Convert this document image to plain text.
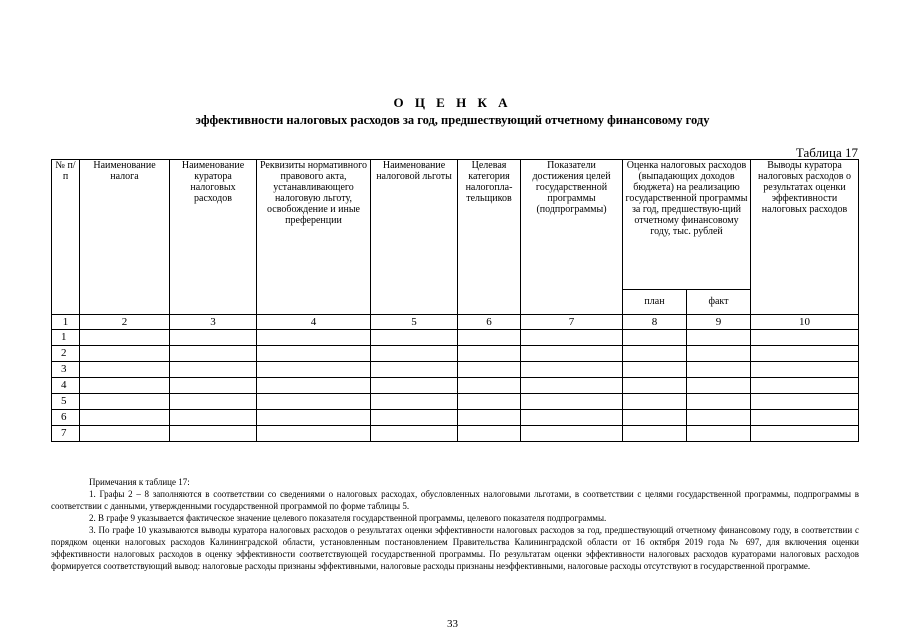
О Ц Е Н К А
эффективности налоговых расходов за год, предшествующий отчетному финансовому году
Таблица 17
№ п/п	Наименование налога	Наименование куратора налоговых расходов	Реквизиты нормативного правового акта, устанавливающего налоговую льготу, освобождение и иные преференции	Наименование налоговой льготы	Целевая категория налогопла-тельщиков	Показатели достижения целей государственной программы (подпрограммы)	Оценка налоговых расходов (выпадающих доходов бюджета) на реализацию государственной программы за год, предшествую-щий отчетному финансовому году, тыс. рублей		Выводы куратора налоговых расходов о результатах оценки эффективности налоговых расходов
							план	факт	
1	2	3	4	5	6	7	8	9	10
1									
2									
3									
4									
5									
6									
7									
Примечания к таблице 17:

1. Графы 2 – 8 заполняются в соответствии со сведениями о налоговых расходах, обусловленных налоговыми льготами, в соответствии с целями государственной программы, подпрограммы в соответствии с данными, утвержденными государственной программой по форме таблицы 5.

2. В графе 9 указывается фактическое значение целевого показателя государственной программы, целевого показателя подпрограммы.

3. По графе 10 указываются выводы куратора налоговых расходов о результатах оценки эффективности налоговых расходов за год, предшествующий отчетному финансовому году, в соответствии с порядком оценки налоговых расходов Калининградской области, установленным постановлением Правительства Калининградской области от 16 октября 2019 года № 697, для включения оценки эффективности налоговых расходов в оценку эффективности соответствующей государственной программы. По результатам оценки эффективности налоговых расходов кураторами налоговых расходов формируется соответствующий вывод: налоговые расходы признаны эффективными, налоговые расходы признаны неэффективными, налоговые расходы отсутствуют в государственной программе.

33
